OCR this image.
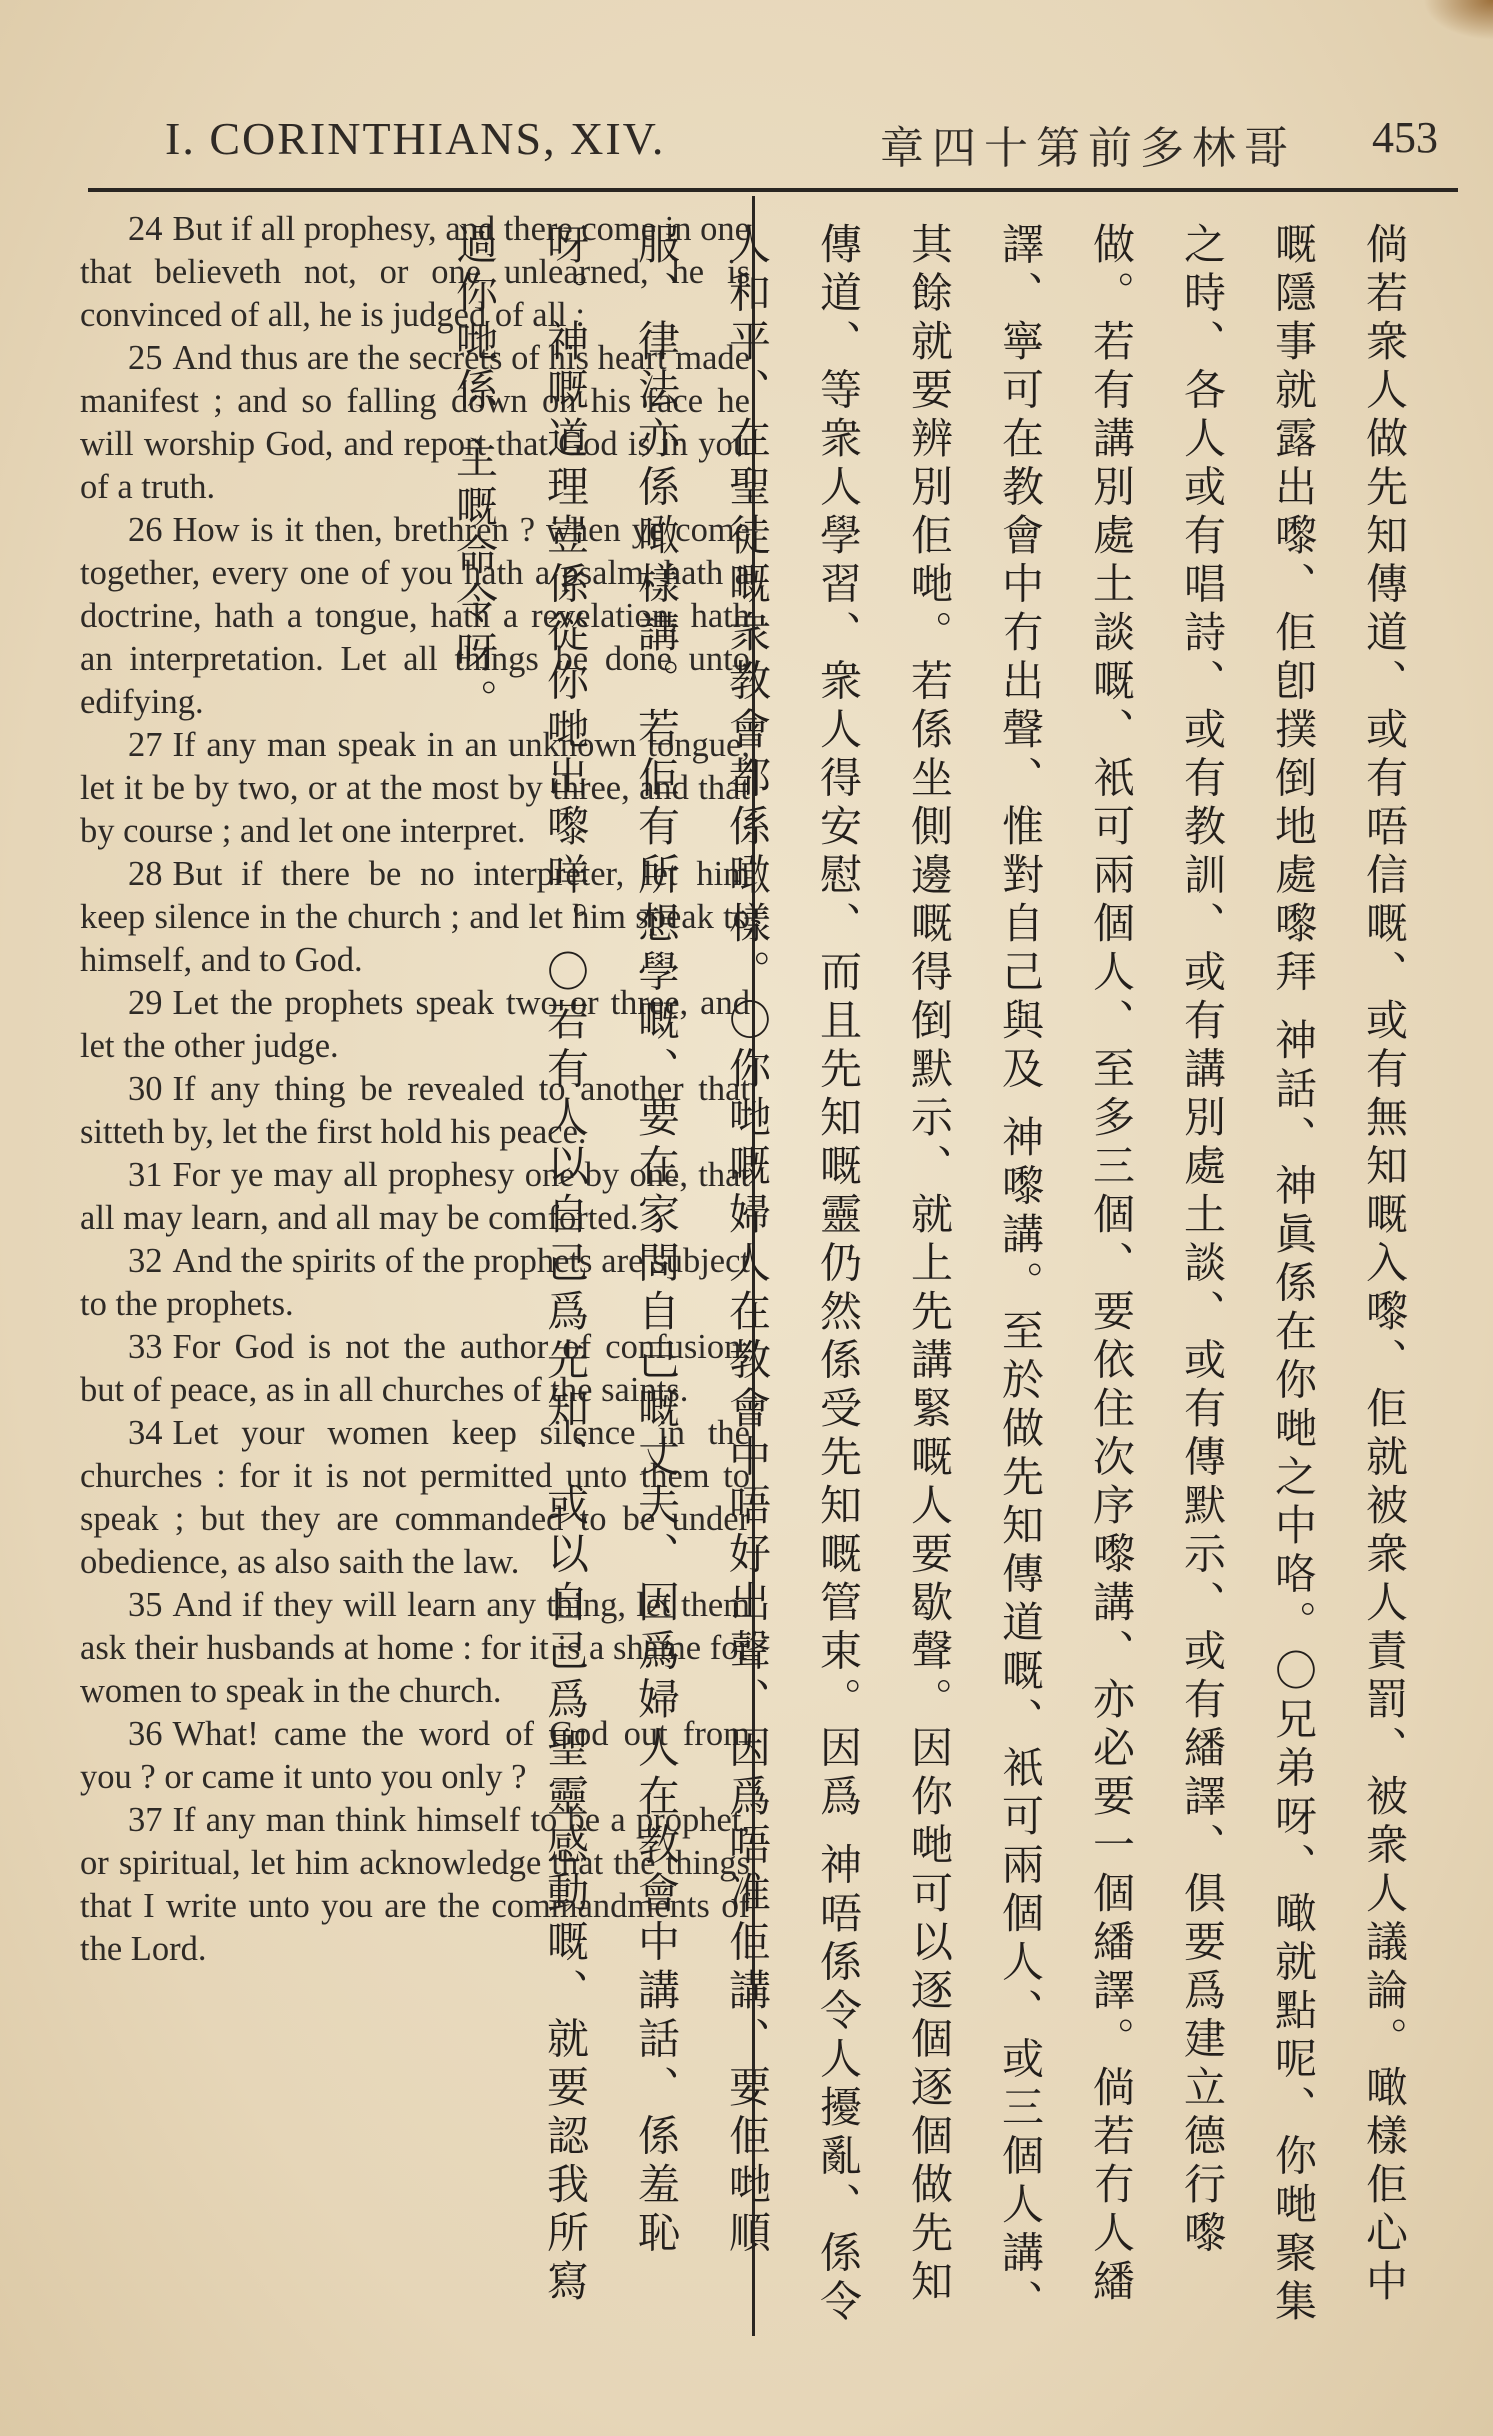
I. CORINTHIANS, XIV.	章四十第前多林哥 453

24 But if all prophesy, and there come in one that believeth not, or one unlearned, he is convinced of all, he is judged of all :

25 And thus are the secrets of his heart made manifest ; and so falling down on his face he will worship God, and report that God is in you of a truth.

26 How is it then, brethren ? when ye come together, every one of you hath a psalm, hath a doctrine, hath a tongue, hath a revelation, hath an interpretation. Let all things be done unto edifying.

27 If any man speak in an unknown tongue, let it be by two, or at the most by three, and that by course ; and let one interpret.

28 But if there be no interpreter, let him keep silence in the church ; and let him speak to himself, and to God.

29 Let the prophets speak two or three, and let the other judge.

30 If any thing be revealed to another that sitteth by, let the first hold his peace.

31 For ye may all prophesy one by one, that all may learn, and all may be comforted.

32 And the spirits of the prophets are subject to the prophets.

33 For God is not the author of confusion, but of peace, as in all churches of the saints.

34 Let your women keep silence in the churches : for it is not permitted unto them to speak ; but they are commanded to be under obedience, as also saith the law.

35 And if they will learn any thing, let them ask their husbands at home : for it is a shame for women to speak in the church.

36 What! came the word of God out from you ? or came it unto you only ?

37 If any man think himself to be a prophet, or spiritual, let him acknowledge that the things that I write unto you are the commandments of the Lord.	倘若衆人做先知傳道、或有唔信嘅、或有無知嘅入嚟、佢就被衆人責罰、被衆人議論。噉樣佢心中嘅隱事就露出嚟、佢卽撲倒地處嚟拜 神話、神眞係在你哋之中咯。〇兄弟呀、噉就點呢、你哋聚集之時、各人或有唱詩、或有教訓、或有講別處土談、或有傳默示、或有繙譯、俱要爲建立德行嚟做。若有講別處土談嘅、衹可兩個人、至多三個、要依住次序嚟講、亦必要一個繙譯。倘若冇人繙譯、寧可在教會中冇出聲、惟對自己與及 神嚟講。至於做先知傳道嘅、衹可兩個人、或三個人講、其餘就要辨別佢哋。若係坐側邊嘅得倒默示、就上先講緊嘅人要歇聲。因你哋可以逐個逐個做先知傳道、等衆人學習、衆人得安慰、而且先知嘅靈仍然係受先知嘅管束。因爲 神唔係令人擾亂、係令人和平、在聖徒嘅衆教會都係噉樣。〇你哋嘅婦人在教會中唔好出聲、因爲唔准佢講、要佢哋順服、律法亦係噉樣講。若佢有所想學嘅、要在家問自己嘅丈夫、因爲婦人在教會中講話、係羞恥呀。神嘅道理豈係從你哋出嚟咩。〇若有人以自己爲先知、或以自己爲聖靈感動嘅、就要認我所寫過你哋係 主嘅命令呀。
